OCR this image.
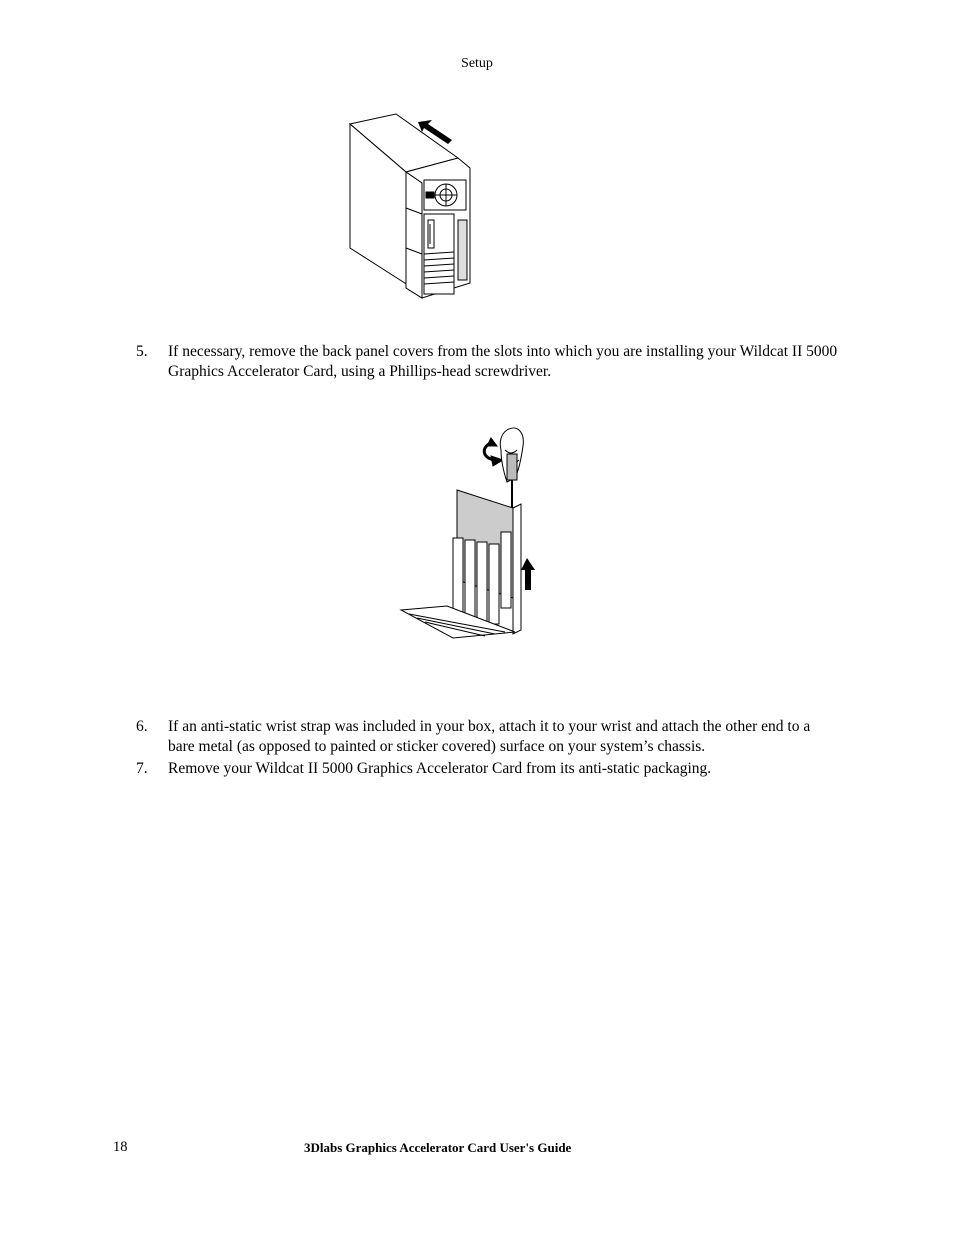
Setup
5. If necessary, remove the back panel covers from the slots into which you are installing your Wildcat II 5000 Graphics Accelerator Card, using a Phillips-head screwdriver.
6. If an anti-static wrist strap was included in your box, attach it to your wrist and attach the other end to a bare metal (as opposed to painted or sticker covered) surface on your system’s chassis.
7. Remove your Wildcat II 5000 Graphics Accelerator Card from its anti-static packaging.
18	3Dlabs Graphics Accelerator Card User's Guide
